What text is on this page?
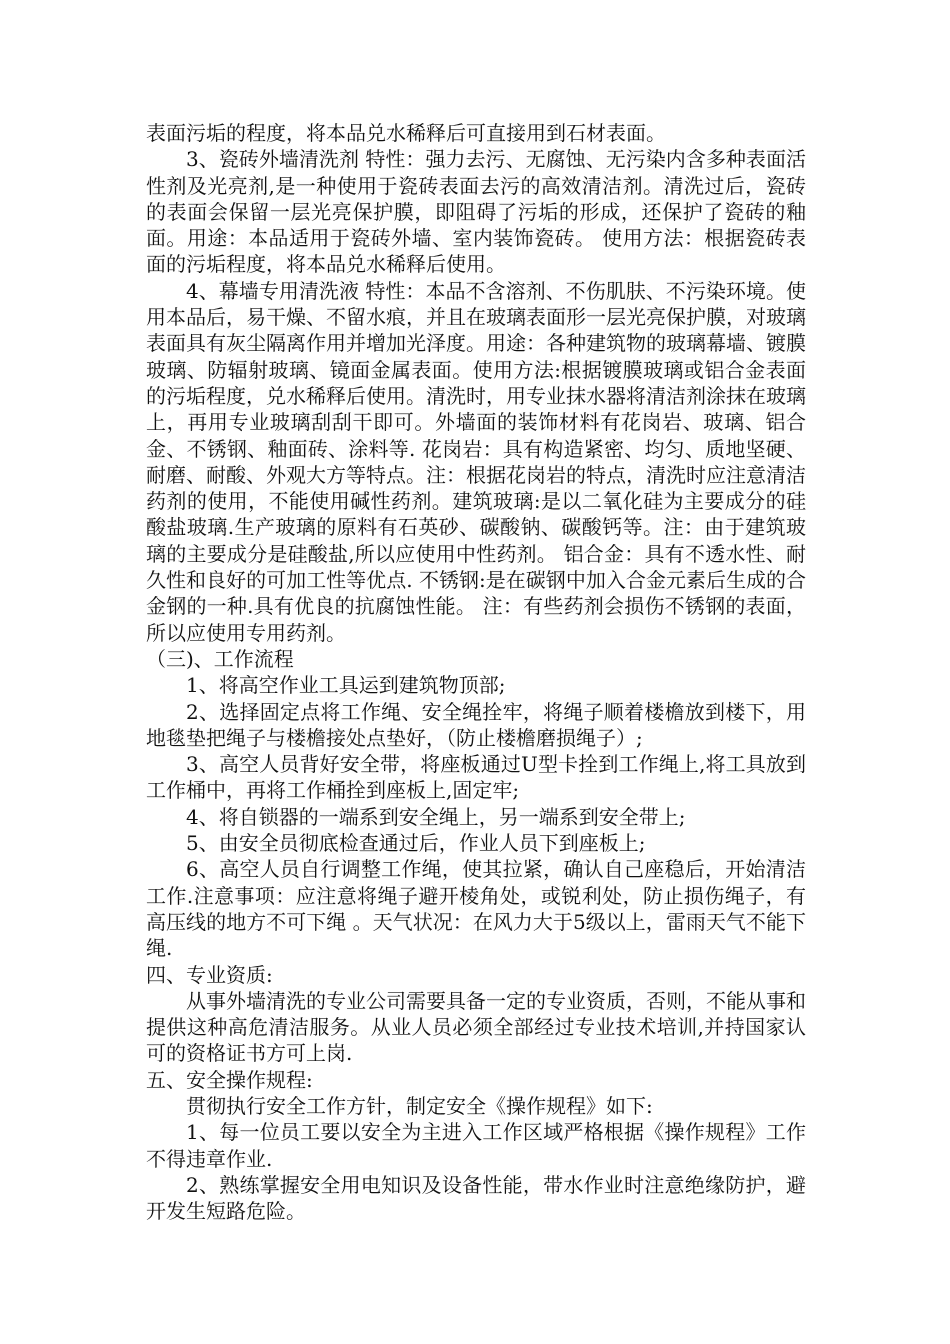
表面污垢的程度，将本品兑水稀释后可直接用到石材表面。

3、瓷砖外墙清洗剂 特性：强力去污、无腐蚀、无污染内含多种表面活性剂及光亮剂,是一种使用于瓷砖表面去污的高效清洁剂。清洗过后，瓷砖的表面会保留一层光亮保护膜，即阻碍了污垢的形成，还保护了瓷砖的釉面。用途：本品适用于瓷砖外墙、室内装饰瓷砖。 使用方法：根据瓷砖表面的污垢程度，将本品兑水稀释后使用。

4、幕墙专用清洗液 特性：本品不含溶剂、不伤肌肤、不污染环境。使用本品后，易干燥、不留水痕，并且在玻璃表面形一层光亮保护膜，对玻璃表面具有灰尘隔离作用并增加光泽度。用途：各种建筑物的玻璃幕墙、镀膜玻璃、防辐射玻璃、镜面金属表面。使用方法:根据镀膜玻璃或铝合金表面的污垢程度，兑水稀释后使用。清洗时，用专业抹水器将清洁剂涂抹在玻璃上，再用专业玻璃刮刮干即可。外墙面的装饰材料有花岗岩、玻璃、铝合金、不锈钢、釉面砖、涂料等. 花岗岩：具有构造紧密、均匀、质地坚硬、耐磨、耐酸、外观大方等特点。注：根据花岗岩的特点，清洗时应注意清洁药剂的使用，不能使用碱性药剂。建筑玻璃:是以二氧化硅为主要成分的硅酸盐玻璃.生产玻璃的原料有石英砂、碳酸钠、碳酸钙等。注：由于建筑玻璃的主要成分是硅酸盐,所以应使用中性药剂。 铝合金：具有不透水性、耐久性和良好的可加工性等优点. 不锈钢:是在碳钢中加入合金元素后生成的合金钢的一种.具有优良的抗腐蚀性能。 注：有些药剂会损伤不锈钢的表面，所以应使用专用药剂。

（三)、工作流程

1、将高空作业工具运到建筑物顶部;

2、选择固定点将工作绳、安全绳拴牢，将绳子顺着楼檐放到楼下，用地毯垫把绳子与楼檐接处点垫好，（防止楼檐磨损绳子）;

3、高空人员背好安全带，将座板通过U型卡拴到工作绳上,将工具放到工作桶中，再将工作桶拴到座板上,固定牢;

4、将自锁器的一端系到安全绳上，另一端系到安全带上;

5、由安全员彻底检查通过后，作业人员下到座板上;

6、高空人员自行调整工作绳，使其拉紧，确认自己座稳后，开始清洁工作.注意事项：应注意将绳子避开棱角处，或锐利处，防止损伤绳子，有高压线的地方不可下绳 。天气状况：在风力大于5级以上，雷雨天气不能下绳.

四、专业资质:

从事外墙清洗的专业公司需要具备一定的专业资质，否则，不能从事和提供这种高危清洁服务。从业人员必须全部经过专业技术培训,并持国家认可的资格证书方可上岗.

五、安全操作规程:

贯彻执行安全工作方针，制定安全《操作规程》如下:

1、每一位员工要以安全为主进入工作区域严格根据《操作规程》工作不得违章作业.

2、熟练掌握安全用电知识及设备性能，带水作业时注意绝缘防护，避开发生短路危险。
